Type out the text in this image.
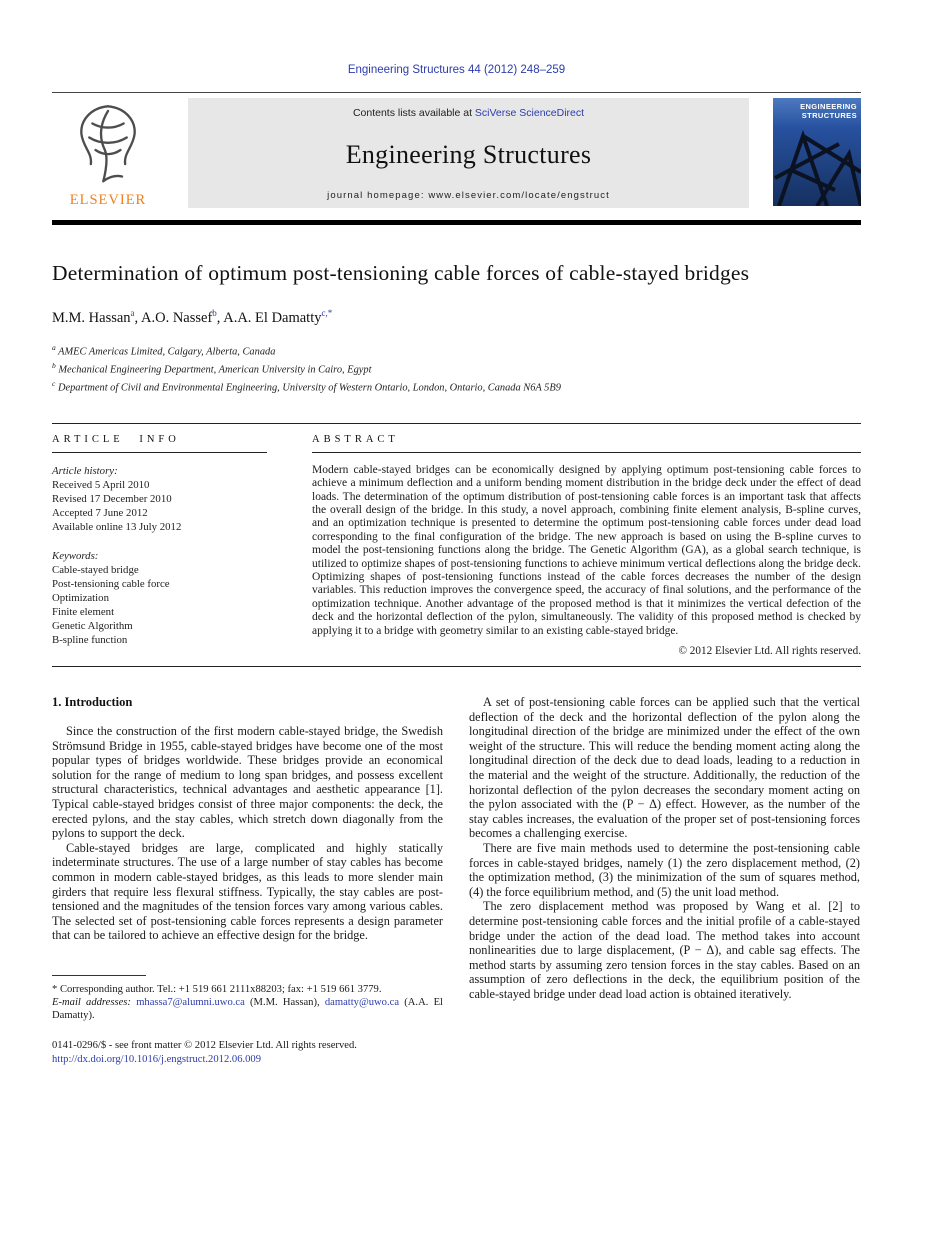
Engineering Structures 44 (2012) 248–259
ELSEVIER
Contents lists available at SciVerse ScienceDirect
Engineering Structures
journal homepage: www.elsevier.com/locate/engstruct
ENGINEERING STRUCTURES
Determination of optimum post-tensioning cable forces of cable-stayed bridges
M.M. Hassan$^a$, A.O. Nassef$^b$, A.A. El Damatty$^{c,*}$
$^a$ AMEC Americas Limited, Calgary, Alberta, Canada
$^b$ Mechanical Engineering Department, American University in Cairo, Egypt
$^c$ Department of Civil and Environmental Engineering, University of Western Ontario, London, Ontario, Canada N6A 5B9
ARTICLE INFO
Article history:
Received 5 April 2010
Revised 17 December 2010
Accepted 7 June 2012
Available online 13 July 2012
Keywords:
Cable-stayed bridge
Post-tensioning cable force
Optimization
Finite element
Genetic Algorithm
B-spline function
ABSTRACT

Modern cable-stayed bridges can be economically designed by applying optimum post-tensioning cable forces to achieve a minimum deflection and a uniform bending moment distribution in the bridge deck under the effect of dead loads. The determination of the optimum distribution of post-tensioning cable forces is an important task that affects the overall design of the bridge. In this study, a novel approach, combining finite element analysis, B-spline curves, and an optimization technique is presented to determine the optimum post-tensioning cable forces under dead load corresponding to the final configuration of the bridge. The new approach is based on using the B-spline curves to model the post-tensioning functions along the bridge. The Genetic Algorithm (GA), as a global search technique, is utilized to optimize shapes of post-tensioning functions to achieve minimum vertical deflections along the bridge deck. Optimizing shapes of post-tensioning functions instead of the cable forces decreases the number of the design variables. This reduction improves the convergence speed, the accuracy of final solutions, and the performance of the optimization technique. Another advantage of the proposed method is that it minimizes the vertical defection of the deck and the horizontal deflection of the pylon, simultaneously. The validity of this proposed method is checked by applying it to a bridge with geometry similar to an existing cable-stayed bridge.

© 2012 Elsevier Ltd. All rights reserved.
1. Introduction

Since the construction of the first modern cable-stayed bridge, the Swedish Strömsund Bridge in 1955, cable-stayed bridges have become one of the most popular types of bridges worldwide. These bridges provide an economical solution for the range of medium to long span bridges, and possess excellent structural characteristics, technical advantages and aesthetic appearance [1]. Typical cable-stayed bridges consist of three major components: the deck, the erected pylons, and the stay cables, which stretch down diagonally from the pylons to support the deck.

Cable-stayed bridges are large, complicated and highly statically indeterminate structures. The use of a large number of stay cables has become common in modern cable-stayed bridges, as this leads to more slender main girders that require less flexural stiffness. Typically, the stay cables are post-tensioned and the magnitudes of the tension forces vary among various cables. The selected set of post-tensioning cable forces represents a design parameter that can be tailored to achieve an effective design for the bridge.

* Corresponding author. Tel.: +1 519 661 2111x88203; fax: +1 519 661 3779.

E-mail addresses: mhassa7@alumni.uwo.ca (M.M. Hassan), damatty@uwo.ca (A.A. El Damatty).

0141-0296/$ - see front matter © 2012 Elsevier Ltd. All rights reserved.

http://dx.doi.org/10.1016/j.engstruct.2012.06.009

A set of post-tensioning cable forces can be applied such that the vertical deflection of the deck and the horizontal deflection of the pylon along the longitudinal direction of the bridge are minimized under the effect of the own weight of the structure. This will reduce the bending moment acting along the longitudinal direction of the deck due to dead loads, leading to a reduction in the material and the weight of the structure. Additionally, the reduction of the horizontal deflection of the pylon decreases the secondary moment acting on the pylon associated with the (P − Δ) effect. However, as the number of the stay cables increases, the evaluation of the proper set of post-tensioning forces becomes a challenging exercise.

There are five main methods used to determine the post-tensioning cable forces in cable-stayed bridges, namely (1) the zero displacement method, (2) the optimization method, (3) the minimization of the sum of squares method, (4) the force equilibrium method, and (5) the unit load method.

The zero displacement method was proposed by Wang et al. [2] to determine post-tensioning cable forces and the initial profile of a cable-stayed bridge under the action of the dead load. The method takes into account nonlinearities due to large displacement, (P − Δ), and cable sag effects. The method starts by assuming zero tension forces in the stay cables. Based on an assumption of zero deflections in the deck, the equilibrium position of the cable-stayed bridge under dead load action is obtained iteratively.
